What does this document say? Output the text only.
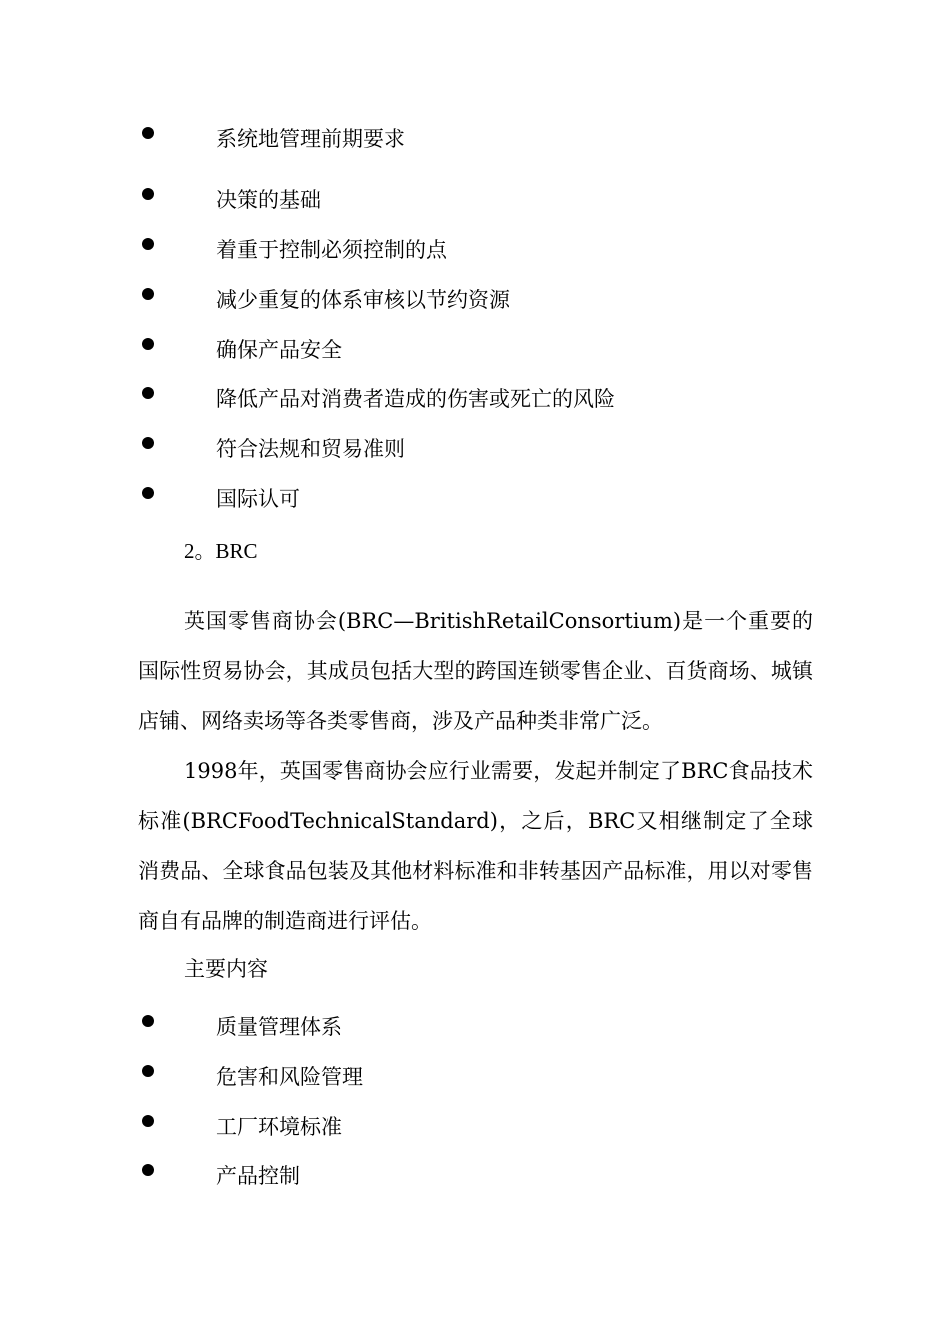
系统地管理前期要求
决策的基础
着重于控制必须控制的点
减少重复的体系审核以节约资源
确保产品安全
降低产品对消费者造成的伤害或死亡的风险
符合法规和贸易准则
国际认可
2。BRC
英国零售商协会(BRC—BritishRetailConsortium)是一个重要的国际性贸易协会，其成员包括大型的跨国连锁零售企业、百货商场、城镇店铺、网络卖场等各类零售商，涉及产品种类非常广泛。
1998年，英国零售商协会应行业需要，发起并制定了BRC食品技术标准(BRCFoodTechnicalStandard)，之后，BRC又相继制定了全球消费品、全球食品包装及其他材料标准和非转基因产品标准，用以对零售商自有品牌的制造商进行评估。
主要内容
质量管理体系
危害和风险管理
工厂环境标准
产品控制
